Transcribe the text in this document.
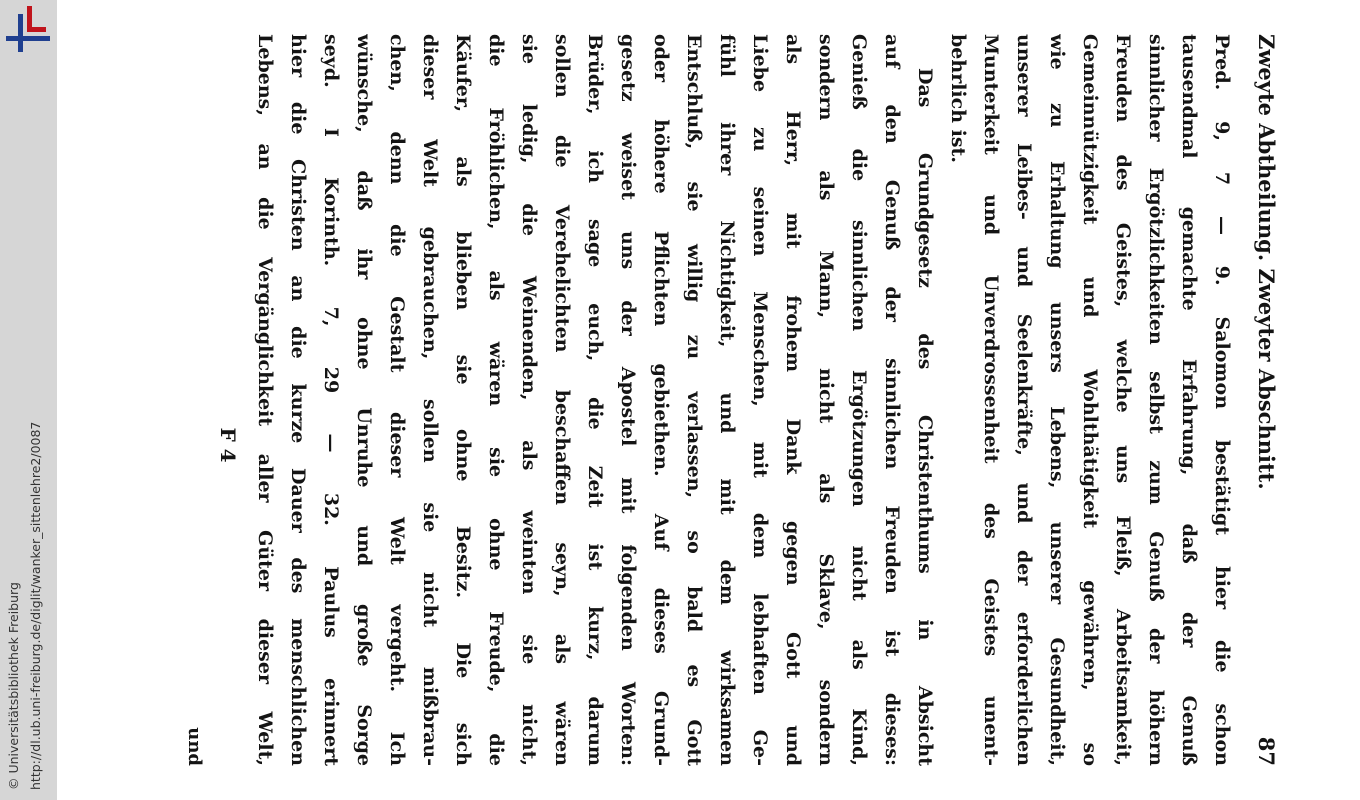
http://dl.ub.uni-freiburg.de/diglit/wanker_sittenlehre2/0087
© Universitätsbibliothek Freiburg
Zweyte Abtheilung. Zweyter Abschnitt.
87
Pred. 9, 7 — 9. Salomon bestätigt hier die schon
tausendmal gemachte Erfahrung, daß der Genuß
sinnlicher Ergötzlichkeiten selbst zum Genuß der höhern
Freuden des Geistes, welche uns Fleiß, Arbeitsamkeit,
Gemeinnützigkeit und Wohlthätigkeit gewähren, so
wie zu Erhaltung unsers Lebens, unserer Gesundheit,
unserer Leibes- und Seelenkräfte, und der erforderlichen
Munterkeit und Unverdrossenheit des Geistes unent-
behrlich ist.
Das Grundgesetz des Christenthums in Absicht
auf den Genuß der sinnlichen Freuden ist dieses:
Genieß die sinnlichen Ergötzungen nicht als Kind,
sondern als Mann, nicht als Sklave, sondern
als Herr, mit frohem Dank gegen Gott und
Liebe zu seinen Menschen, mit dem lebhaften Ge-
fühl ihrer Nichtigkeit, und mit dem wirksamen
Entschluß, sie willig zu verlassen, so bald es Gott
oder höhere Pflichten gebiethen. Auf dieses Grund-
gesetz weiset uns der Apostel mit folgenden Worten:
Brüder, ich sage euch, die Zeit ist kurz, darum
sollen die Verehelichten beschaffen seyn, als wären
sie ledig, die Weinenden, als weinten sie nicht,
die Fröhlichen, als wären sie ohne Freude, die
Käufer, als blieben sie ohne Besitz. Die sich
dieser Welt gebrauchen, sollen sie nicht mißbrau-
chen, denn die Gestalt dieser Welt vergeht. Ich
wünsche, daß ihr ohne Unruhe und große Sorge
seyd. I Korinth. 7, 29 — 32. Paulus erinnert
hier die Christen an die kurze Dauer des menschlichen
Lebens, an die Vergänglichkeit aller Güter dieser Welt,
F 4
und
